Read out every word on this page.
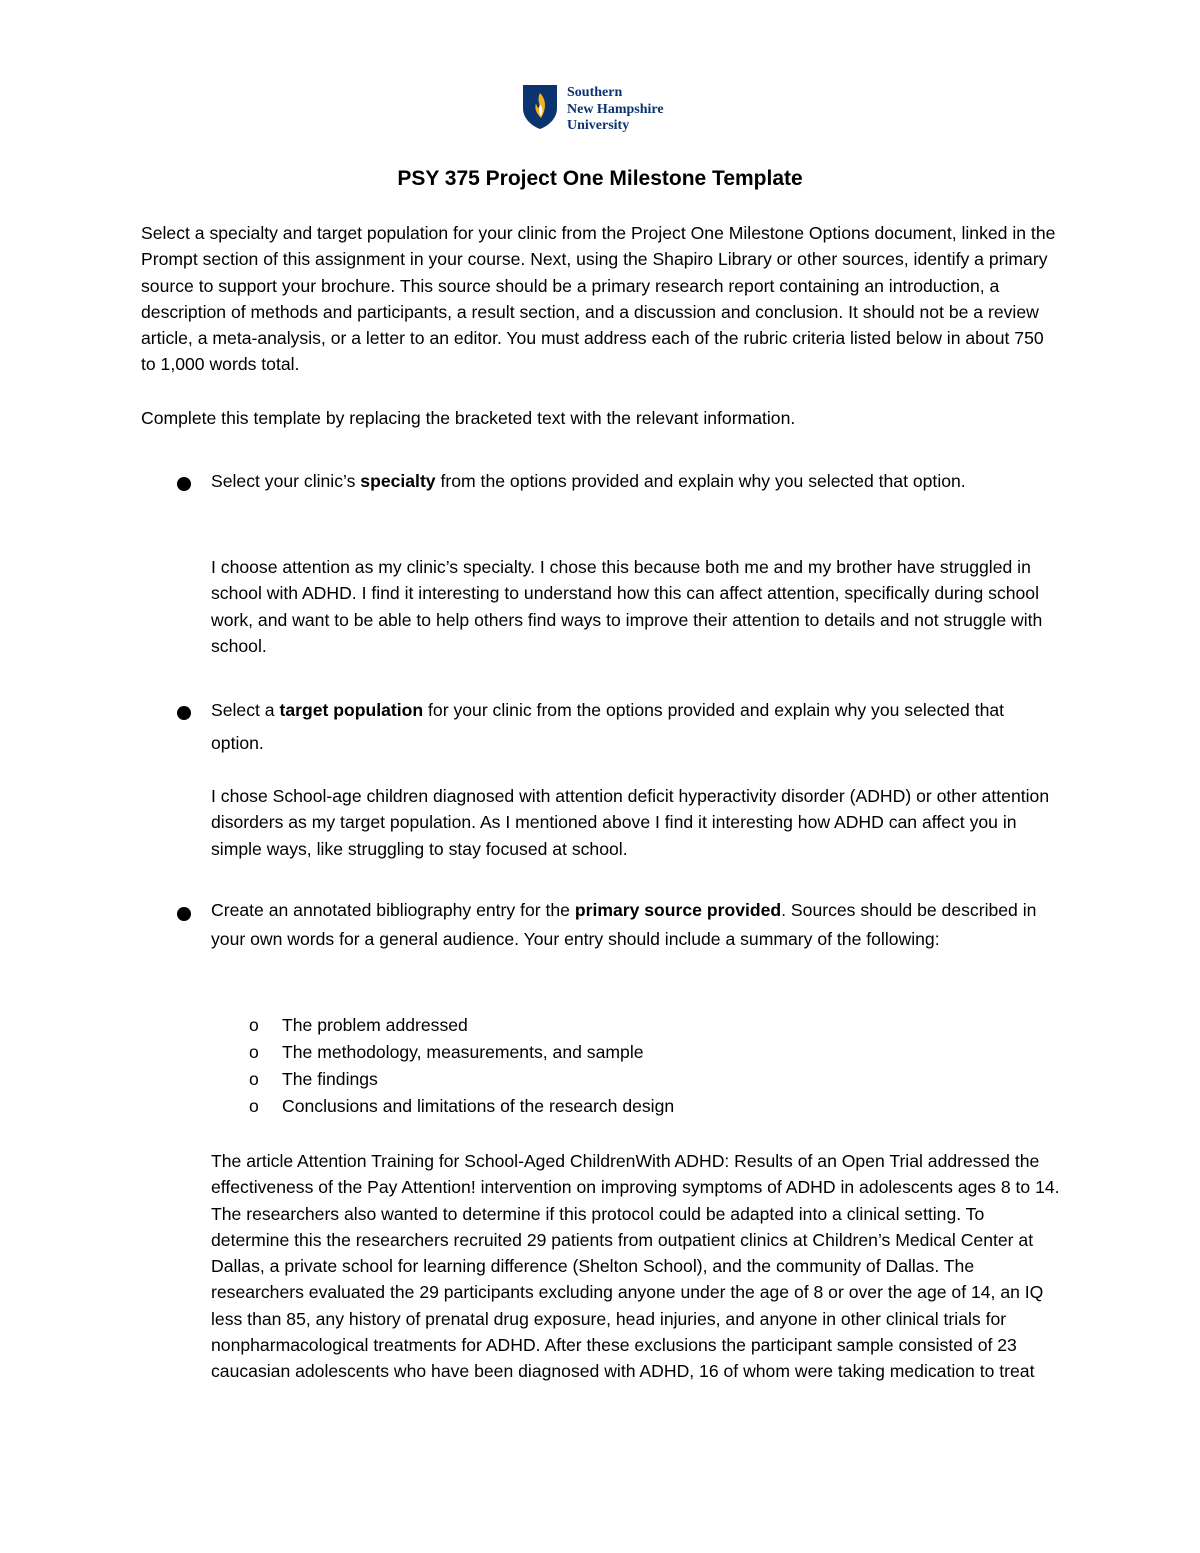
Southern
New Hampshire
University
PSY 375 Project One Milestone Template

Select a specialty and target population for your clinic from the Project One Milestone Options document, linked in the Prompt section of this assignment in your course. Next, using the Shapiro Library or other sources, identify a primary source to support your brochure. This source should be a primary research report containing an introduction, a description of methods and participants, a result section, and a discussion and conclusion. It should not be a review article, a meta-analysis, or a letter to an editor. You must address each of the rubric criteria listed below in about 750 to 1,000 words total.

Complete this template by replacing the bracketed text with the relevant information.

Select your clinic’s specialty from the options provided and explain why you selected that option.

I choose attention as my clinic’s specialty. I chose this because both me and my brother have struggled in school with ADHD. I find it interesting to understand how this can affect attention, specifically during school work, and want to be able to help others find ways to improve their attention to details and not struggle with school.

Select a target population for your clinic from the options provided and explain why you selected that option.

I chose School-age children diagnosed with attention deficit hyperactivity disorder (ADHD) or other attention disorders as my target population. As I mentioned above I find it interesting how ADHD can affect you in simple ways, like struggling to stay focused at school.

Create an annotated bibliography entry for the primary source provided. Sources should be described in your own words for a general audience. Your entry should include a summary of the following:

o	The problem addressed
o	The methodology, measurements, and sample
o	The findings
o	Conclusions and limitations of the research design

The article Attention Training for School-Aged ChildrenWith ADHD: Results of an Open Trial addressed the effectiveness of the Pay Attention! intervention on improving symptoms of ADHD in adolescents ages 8 to 14. The researchers also wanted to determine if this protocol could be adapted into a clinical setting. To determine this the researchers recruited 29 patients from outpatient clinics at Children’s Medical Center at Dallas, a private school for learning difference (Shelton School), and the community of Dallas. The researchers evaluated the 29 participants excluding anyone under the age of 8 or over the age of 14, an IQ less than 85, any history of prenatal drug exposure, head injuries, and anyone in other clinical trials for nonpharmacological treatments for ADHD. After these exclusions the participant sample consisted of 23 caucasian adolescents who have been diagnosed with ADHD, 16 of whom were taking medication to treat
